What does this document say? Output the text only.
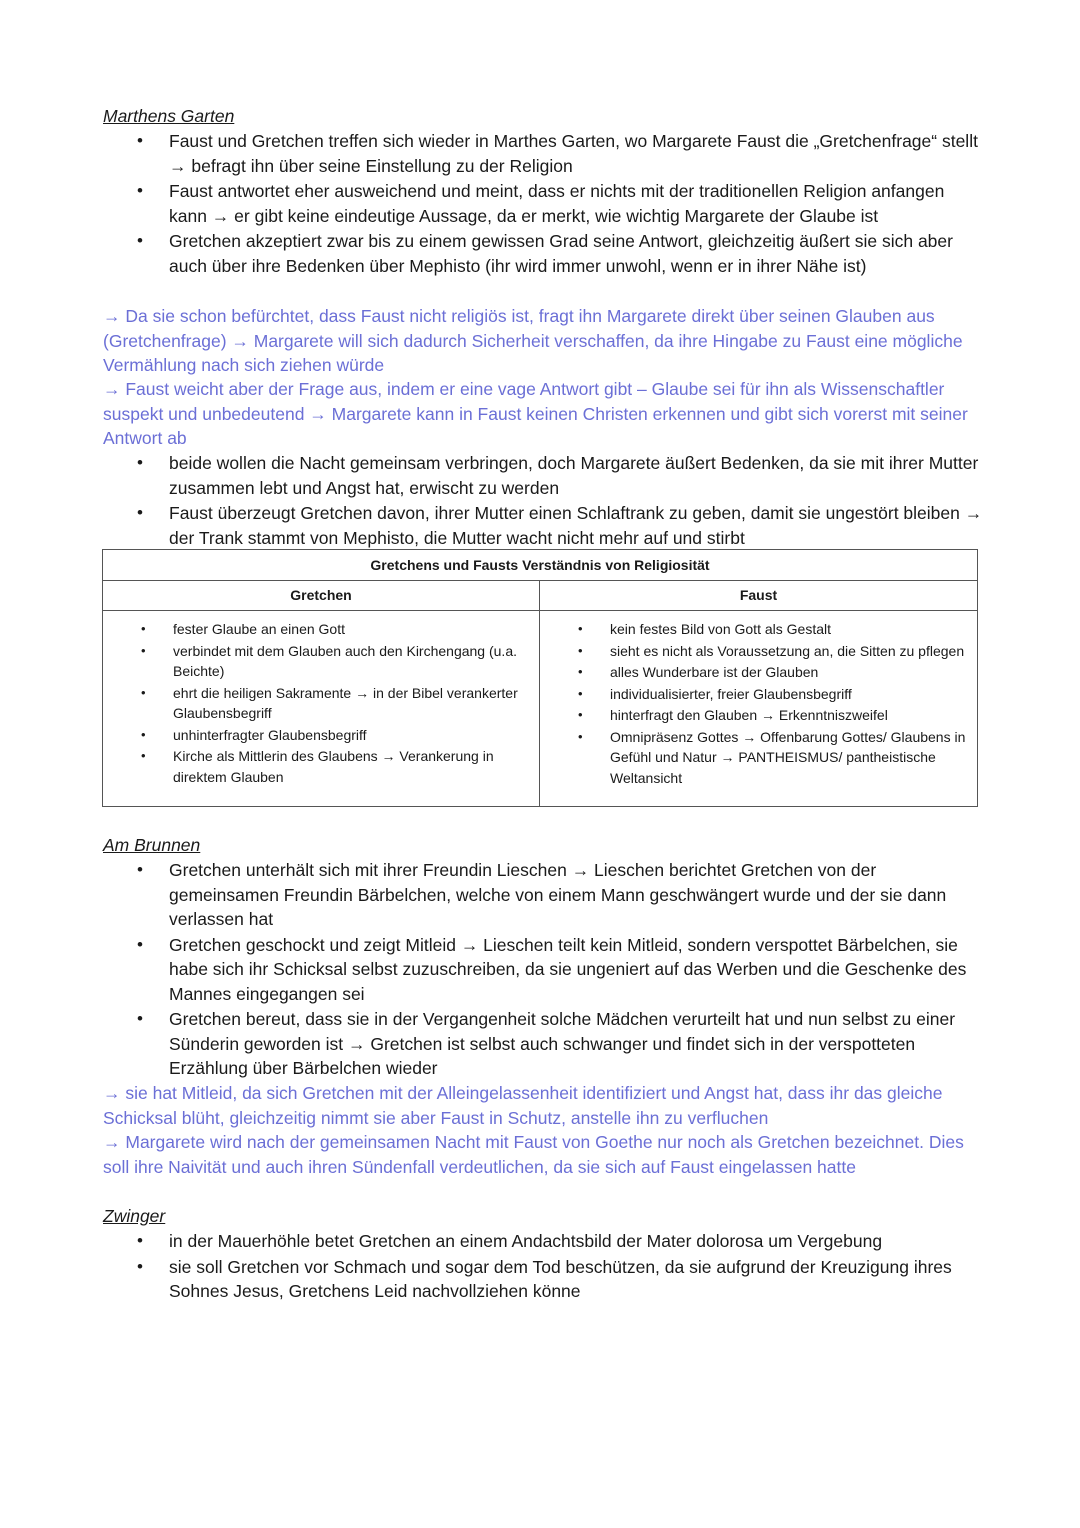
Marthens Garten

• Faust und Gretchen treffen sich wieder in Marthes Garten, wo Margarete Faust die „Gretchenfrage“ stellt → befragt ihn über seine Einstellung zu der Religion
• Faust antwortet eher ausweichend und meint, dass er nichts mit der traditionellen Religion anfangen kann → er gibt keine eindeutige Aussage, da er merkt, wie wichtig Margarete der Glaube ist
• Gretchen akzeptiert zwar bis zu einem gewissen Grad seine Antwort, gleichzeitig äußert sie sich aber auch über ihre Bedenken über Mephisto (ihr wird immer unwohl, wenn er in ihrer Nähe ist)

→ Da sie schon befürchtet, dass Faust nicht religiös ist, fragt ihn Margarete direkt über seinen Glauben aus (Gretchenfrage) → Margarete will sich dadurch Sicherheit verschaffen, da ihre Hingabe zu Faust eine mögliche Vermählung nach sich ziehen würde

→ Faust weicht aber der Frage aus, indem er eine vage Antwort gibt – Glaube sei für ihn als Wissenschaftler suspekt und unbedeutend → Margarete kann in Faust keinen Christen erkennen und gibt sich vorerst mit seiner Antwort ab

• beide wollen die Nacht gemeinsam verbringen, doch Margarete äußert Bedenken, da sie mit ihrer Mutter zusammen lebt und Angst hat, erwischt zu werden
• Faust überzeugt Gretchen davon, ihrer Mutter einen Schlaftrank zu geben, damit sie ungestört bleiben → der Trank stammt von Mephisto, die Mutter wacht nicht mehr auf und stirbt
Gretchens und Fausts Verständnis von Religiosität
Gretchen
• fester Glaube an einen Gott
• verbindet mit dem Glauben auch den Kirchengang (u.a. Beichte)
• ehrt die heiligen Sakramente → in der Bibel verankerter Glaubensbegriff
• unhinterfragter Glaubensbegriff
• Kirche als Mittlerin des Glaubens → Verankerung in direktem Glauben
Faust
• kein festes Bild von Gott als Gestalt
• sieht es nicht als Voraussetzung an, die Sitten zu pflegen
• alles Wunderbare ist der Glauben
• individualisierter, freier Glaubensbegriff
• hinterfragt den Glauben → Erkenntniszweifel
• Omnipräsenz Gottes → Offenbarung Gottes/ Glaubens in Gefühl und Natur → PANTHEISMUS/ pantheistische Weltansicht

Am Brunnen

• Gretchen unterhält sich mit ihrer Freundin Lieschen → Lieschen berichtet Gretchen von der gemeinsamen Freundin Bärbelchen, welche von einem Mann geschwängert wurde und der sie dann verlassen hat
• Gretchen geschockt und zeigt Mitleid → Lieschen teilt kein Mitleid, sondern verspottet Bärbelchen, sie habe sich ihr Schicksal selbst zuzuschreiben, da sie ungeniert auf das Werben und die Geschenke des Mannes eingegangen sei
• Gretchen bereut, dass sie in der Vergangenheit solche Mädchen verurteilt hat und nun selbst zu einer Sünderin geworden ist → Gretchen ist selbst auch schwanger und findet sich in der verspotteten Erzählung über Bärbelchen wieder

→ sie hat Mitleid, da sich Gretchen mit der Alleingelassenheit identifiziert und Angst hat, dass ihr das gleiche Schicksal blüht, gleichzeitig nimmt sie aber Faust in Schutz, anstelle ihn zu verfluchen

→ Margarete wird nach der gemeinsamen Nacht mit Faust von Goethe nur noch als Gretchen bezeichnet. Dies soll ihre Naivität und auch ihren Sündenfall verdeutlichen, da sie sich auf Faust eingelassen hatte

Zwinger

• in der Mauerhöhle betet Gretchen an einem Andachtsbild der Mater dolorosa um Vergebung
• sie soll Gretchen vor Schmach und sogar dem Tod beschützen, da sie aufgrund der Kreuzigung ihres Sohnes Jesus, Gretchens Leid nachvollziehen könne
